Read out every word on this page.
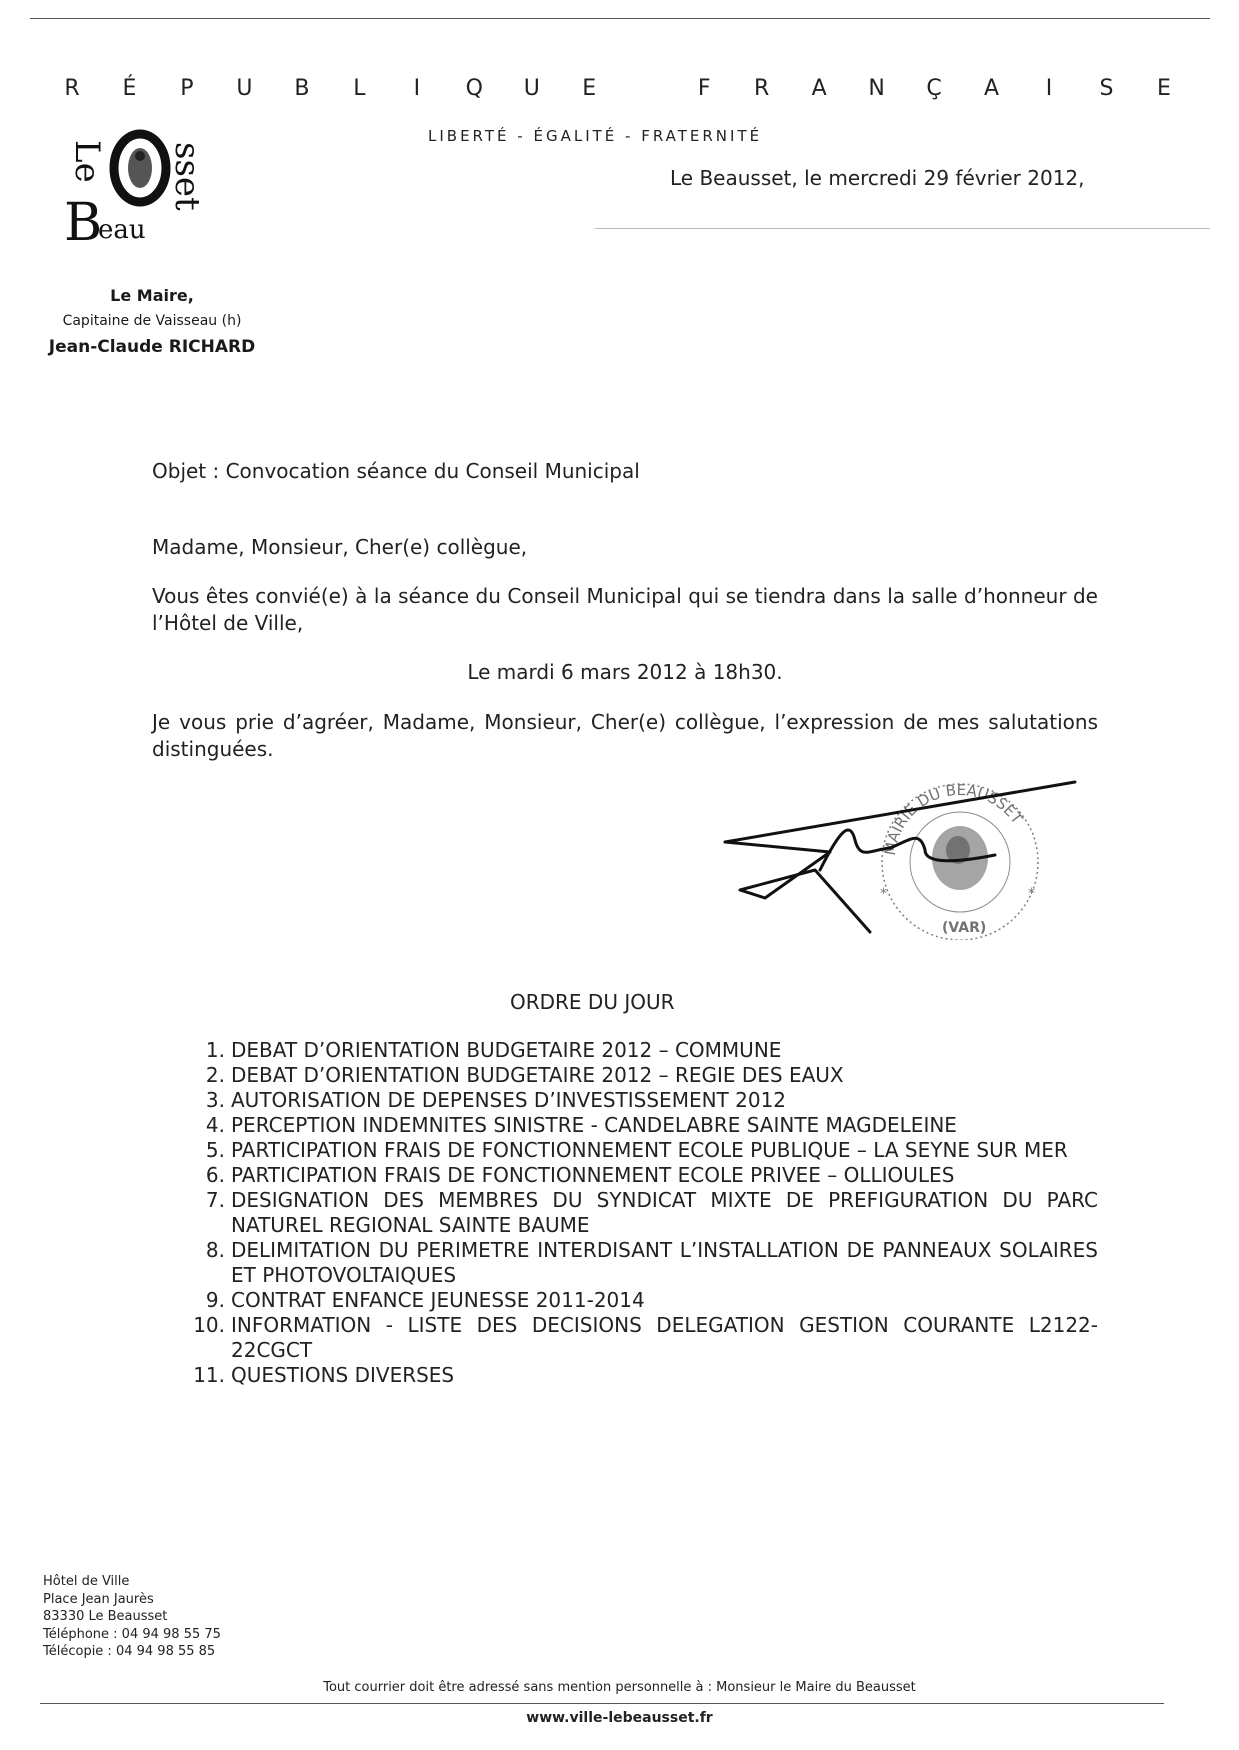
R É P U B L	I	Q U E	F R A N Ç A	I	S E
LIBERTÉ - ÉGALITÉ - FRATERNITÉ
Le Beausset, le mercredi 29 février 2012,
Le
B
eau
sset
Le Maire,
Capitaine de Vaisseau (h)
Jean-Claude RICHARD
Objet : Convocation séance du Conseil Municipal
Madame, Monsieur, Cher(e) collègue,
Vous êtes convié(e) à la séance du Conseil Municipal qui se tiendra dans la salle d’honneur de l’Hôtel de Ville,
Le mardi 6 mars 2012 à 18h30.
Je vous prie d’agréer, Madame, Monsieur, Cher(e) collègue, l’expression de mes salutations distinguées.
MAIRIE DU BEAUSSET
(VAR)
*	*
ORDRE DU JOUR
1. DEBAT D’ORIENTATION BUDGETAIRE 2012 – COMMUNE
2. DEBAT D’ORIENTATION BUDGETAIRE 2012 – REGIE DES EAUX
3. AUTORISATION DE DEPENSES D’INVESTISSEMENT 2012
4. PERCEPTION INDEMNITES SINISTRE - CANDELABRE SAINTE MAGDELEINE
5. PARTICIPATION FRAIS DE FONCTIONNEMENT ECOLE PUBLIQUE – LA SEYNE SUR MER
6. PARTICIPATION FRAIS DE FONCTIONNEMENT ECOLE PRIVEE – OLLIOULES
7. DESIGNATION DES MEMBRES DU SYNDICAT MIXTE DE PREFIGURATION DU PARC NATUREL REGIONAL SAINTE BAUME
8. DELIMITATION DU PERIMETRE INTERDISANT L’INSTALLATION DE PANNEAUX SOLAIRES ET PHOTOVOLTAIQUES
9. CONTRAT ENFANCE JEUNESSE 2011-2014
10. INFORMATION - LISTE DES DECISIONS DELEGATION GESTION COURANTE L2122-22CGCT
11. QUESTIONS DIVERSES
Hôtel de Ville
Place Jean Jaurès
83330 Le Beausset
Téléphone : 04 94 98 55 75
Télécopie : 04 94 98 55 85
Tout courrier doit être adressé sans mention personnelle à : Monsieur le Maire du Beausset
www.ville-lebeausset.fr
